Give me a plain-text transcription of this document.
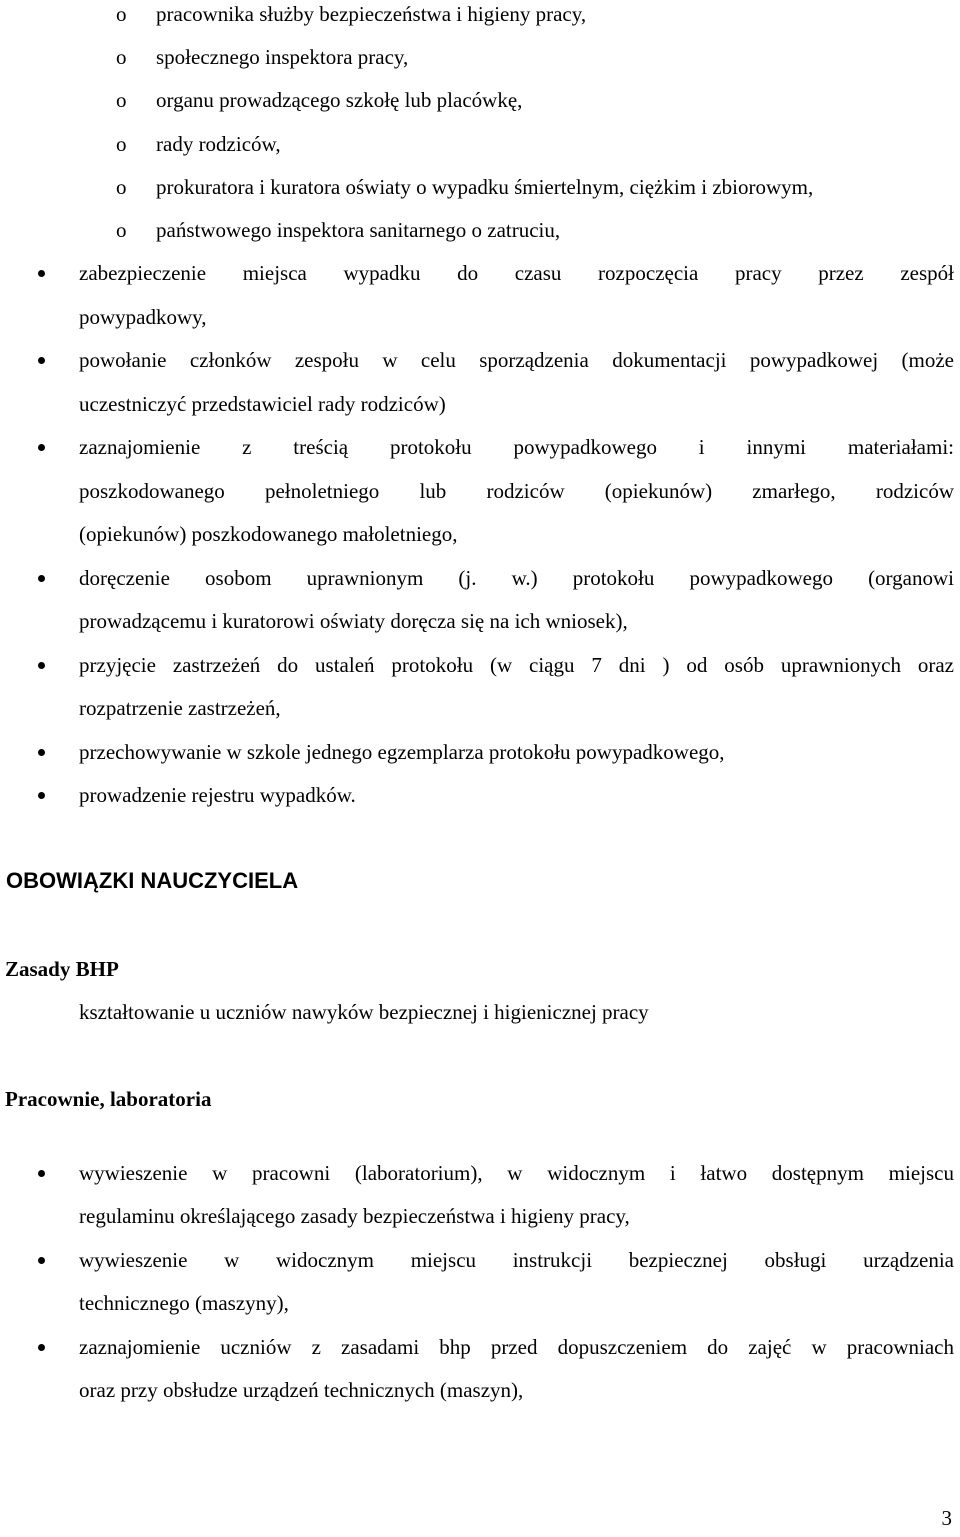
o pracownika służby bezpieczeństwa i higieny pracy,
o społecznego inspektora pracy,
o organu prowadzącego szkołę lub placówkę,
o rady rodziców,
o prokuratora i kuratora oświaty o wypadku śmiertelnym, ciężkim i zbiorowym,
o państwowego inspektora sanitarnego o zatruciu,
zabezpieczenie miejsca wypadku do czasu rozpoczęcia pracy przez zespół
powypadkowy,
powołanie członków zespołu w celu sporządzenia dokumentacji powypadkowej (może
uczestniczyć przedstawiciel rady rodziców)
zaznajomienie z treścią protokołu powypadkowego i innymi materiałami:
poszkodowanego pełnoletniego lub rodziców (opiekunów) zmarłego, rodziców
(opiekunów) poszkodowanego małoletniego,
doręczenie osobom uprawnionym (j. w.) protokołu powypadkowego (organowi
prowadzącemu i kuratorowi oświaty doręcza się na ich wniosek),
przyjęcie zastrzeżeń do ustaleń protokołu (w ciągu 7 dni ) od osób uprawnionych oraz
rozpatrzenie zastrzeżeń,
przechowywanie w szkole jednego egzemplarza protokołu powypadkowego,
prowadzenie rejestru wypadków.
OBOWIĄZKI NAUCZYCIELA
Zasady BHP
kształtowanie u uczniów nawyków bezpiecznej i higienicznej pracy
Pracownie, laboratoria
wywieszenie w pracowni (laboratorium), w widocznym i łatwo dostępnym miejscu
regulaminu określającego zasady bezpieczeństwa i higieny pracy,
wywieszenie w widocznym miejscu instrukcji bezpiecznej obsługi urządzenia
technicznego (maszyny),
zaznajomienie uczniów z zasadami bhp przed dopuszczeniem do zajęć w pracowniach
oraz przy obsłudze urządzeń technicznych (maszyn),
3
